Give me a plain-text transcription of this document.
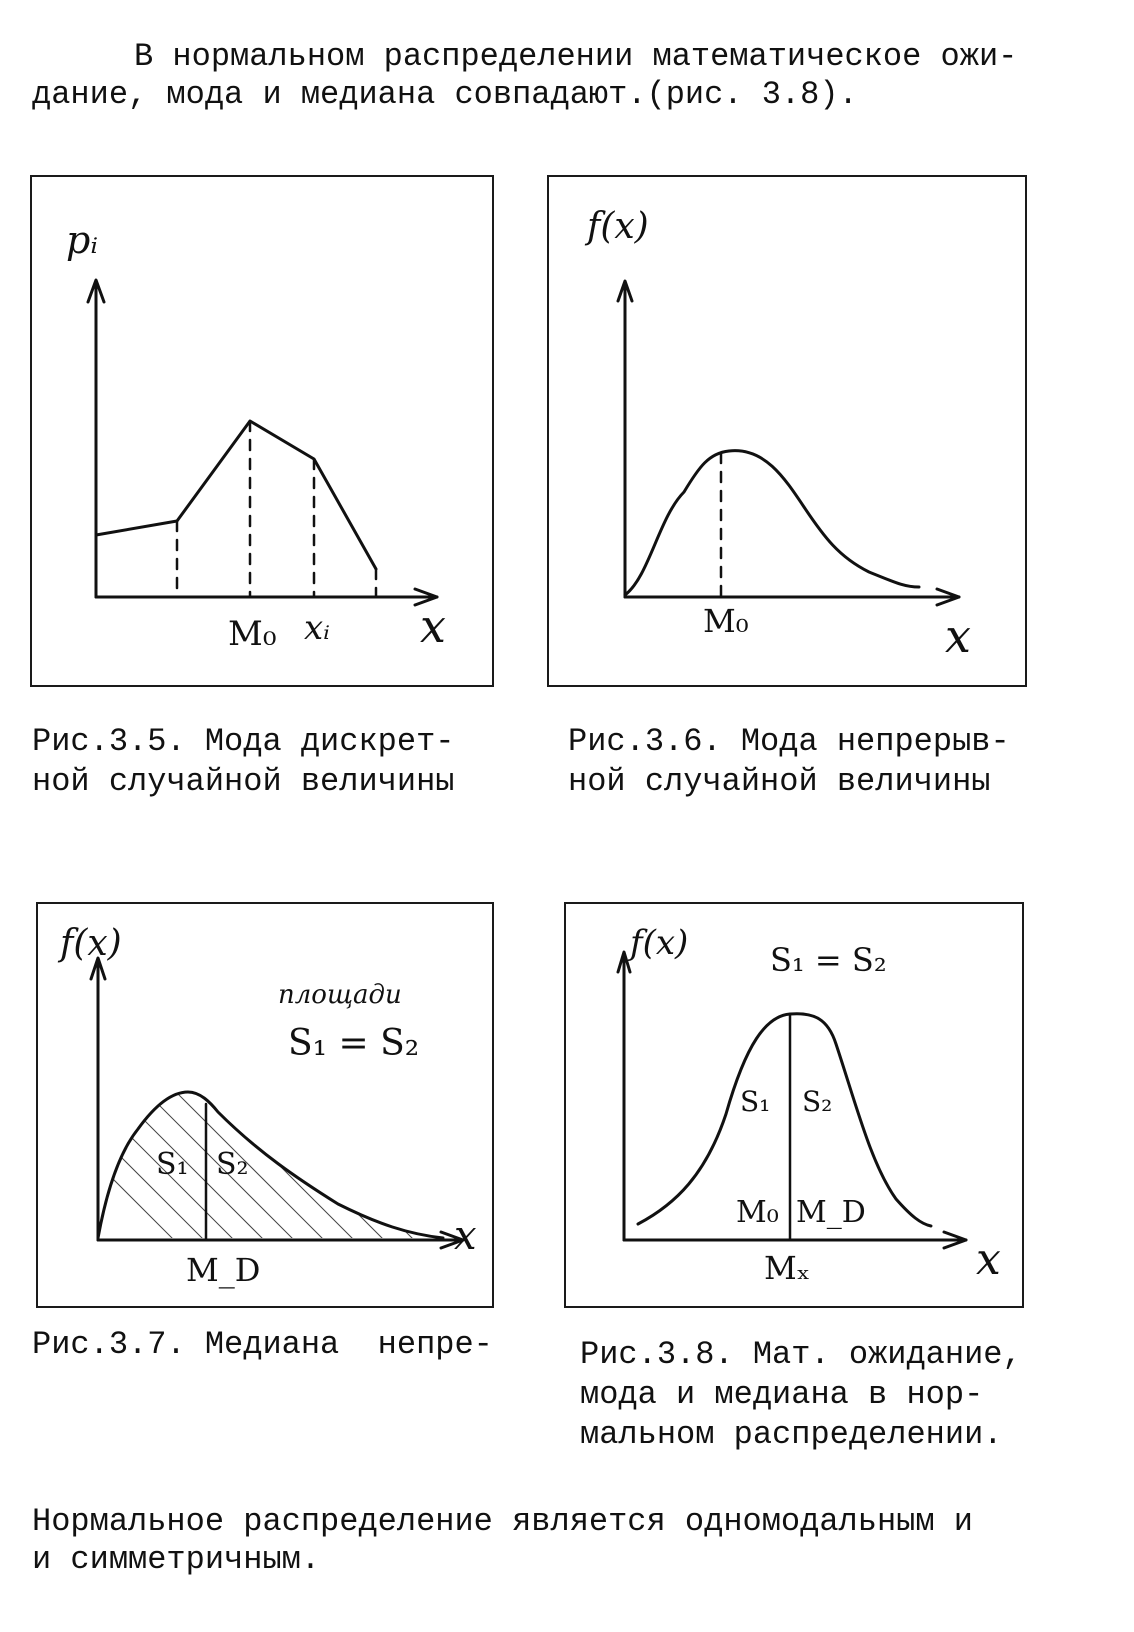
В нормальном распределении математическое ожи-
дание, мода и медиана совпадают.(рис. 3.8).
pᵢ
M₀ xᵢ x
f(x)
M₀	x
Рис.3.5. Мода дискрет-
ной случайной величины
Рис.3.6. Мода непрерыв-
ной случайной величины
f(x)
площади
S₁ = S₂
S₁ S₂
M_D
x
f(x)	S₁ = S₂
S₁ S₂
M₀ M_D
Mₓ	x
Рис.3.7. Медиана  непре-	Рис.3.8. Мат. ожидание,
мода и медиана в нор-
мальном распределении.
Нормальное распределение является одномодальным и
и симметричным.
